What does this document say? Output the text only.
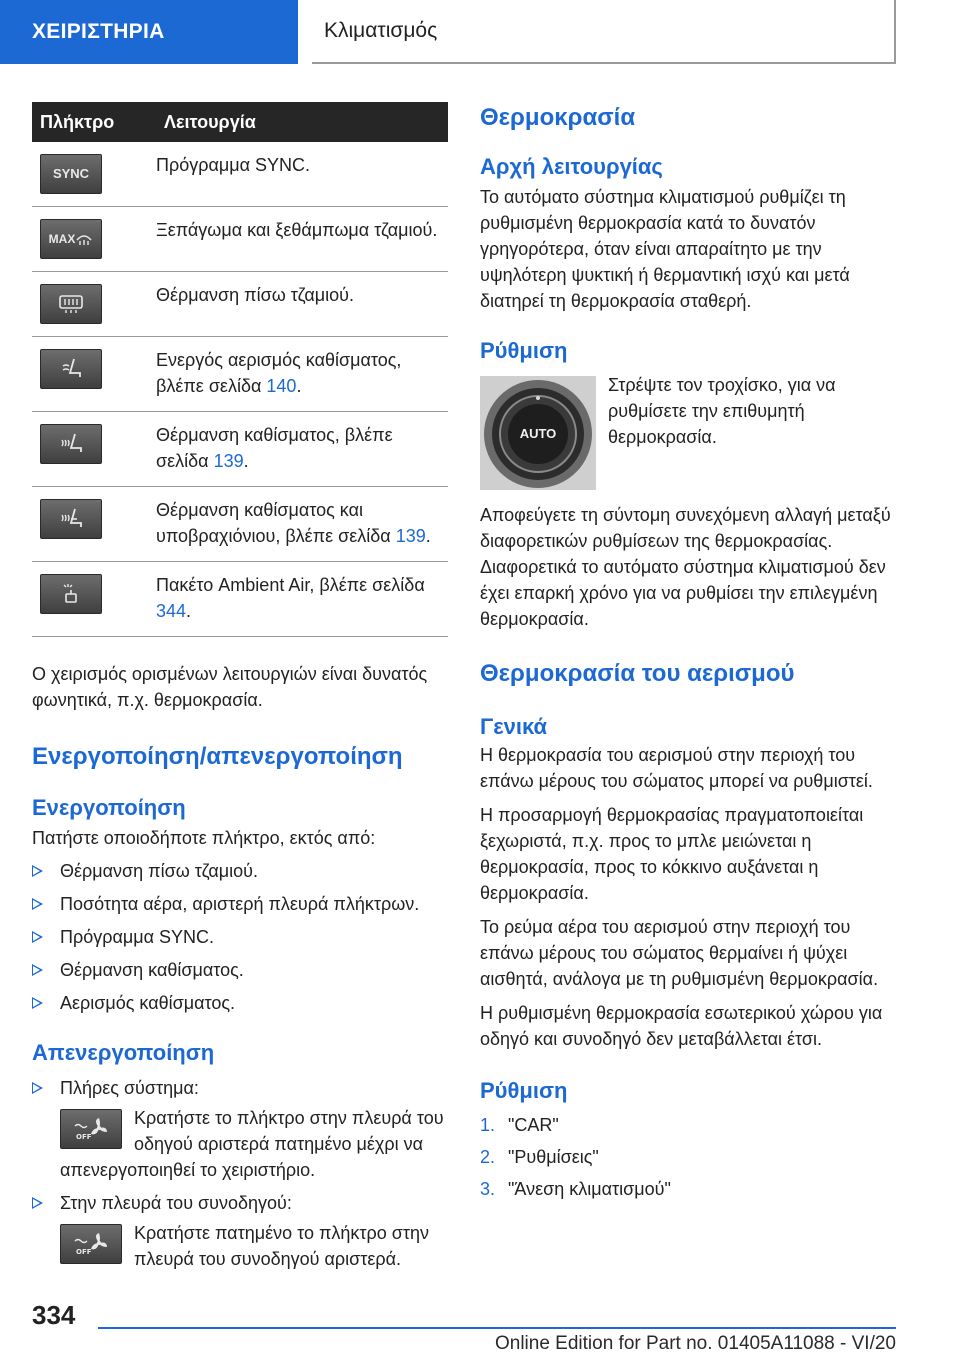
ΧΕΙΡΙΣΤΗΡΙΑ	Κλιματισμός
Πλήκτρο	Λειτουργία

SYNC	Πρόγραμμα SYNC.

MAX	Ξεπάγωμα και ξεθάμπωμα τζαμιού.

	Θέρμανση πίσω τζαμιού.

	Ενεργός αερισμός καθίσματος, βλέπε σελίδα 140.

	Θέρμανση καθίσματος, βλέπε σελίδα 139.

	Θέρμανση καθίσματος και υποβραχιόνιου, βλέπε σελίδα 139.

	Πακέτο Ambient Air, βλέπε σελίδα 344.

Ο χειρισμός ορισμένων λειτουργιών είναι δυνατός φωνητικά, π.χ. θερμοκρασία.

Ενεργοποίηση/απενεργοποίηση
Ενεργοποίηση

Πατήστε οποιοδήποτε πλήκτρο, εκτός από:

Θέρμανση πίσω τζαμιού.
Ποσότητα αέρα, αριστερή πλευρά πλήκτρων.
Πρόγραμμα SYNC.
Θέρμανση καθίσματος.
Αερισμός καθίσματος.
Απενεργοποίηση
Πλήρες σύστημα:
OFF
Κρατήστε το πλήκτρο στην πλευρά του οδηγού αριστερά πατημένο μέχρι να απενεργοποιηθεί το χειριστήριο.
Στην πλευρά του συνοδηγού:
OFF
Κρατήστε πατημένο το πλήκτρο στην πλευρά του συνοδηγού αριστερά.
Θερμοκρασία
Αρχή λειτουργίας

Το αυτόματο σύστημα κλιματισμού ρυθμίζει τη ρυθμισμένη θερμοκρασία κατά το δυνατόν γρηγορότερα, όταν είναι απαραίτητο με την υψηλότερη ψυκτική ή θερμαντική ισχύ και μετά διατηρεί τη θερμοκρασία σταθερή.

Ρύθμιση
AUTO

Στρέψτε τον τροχίσκο, για να ρυθμίσετε την επιθυμητή θερμοκρασία.

Αποφεύγετε τη σύντομη συνεχόμενη αλλαγή μεταξύ διαφορετικών ρυθμίσεων της θερμοκρασίας. Διαφορετικά το αυτόματο σύστημα κλιματισμού δεν έχει επαρκή χρόνο για να ρυθμίσει την επιλεγμένη θερμοκρασία.

Θερμοκρασία του αερισμού
Γενικά

Η θερμοκρασία του αερισμού στην περιοχή του επάνω μέρους του σώματος μπορεί να ρυθμιστεί.

Η προσαρμογή θερμοκρασίας πραγματοποιείται ξεχωριστά, π.χ. προς το μπλε μειώνεται η θερμοκρασία, προς το κόκκινο αυξάνεται η θερμοκρασία.

Το ρεύμα αέρα του αερισμού στην περιοχή του επάνω μέρους του σώματος θερμαίνει ή ψύχει αισθητά, ανάλογα με τη ρυθμισμένη θερμοκρασία.

Η ρυθμισμένη θερμοκρασία εσωτερικού χώρου για οδηγό και συνοδηγό δεν μεταβάλλεται έτσι.

Ρύθμιση
1. "CAR"
2. "Ρυθμίσεις"
3. "Άνεση κλιματισμού"
334
Online Edition for Part no. 01405A11088 - VI/20
